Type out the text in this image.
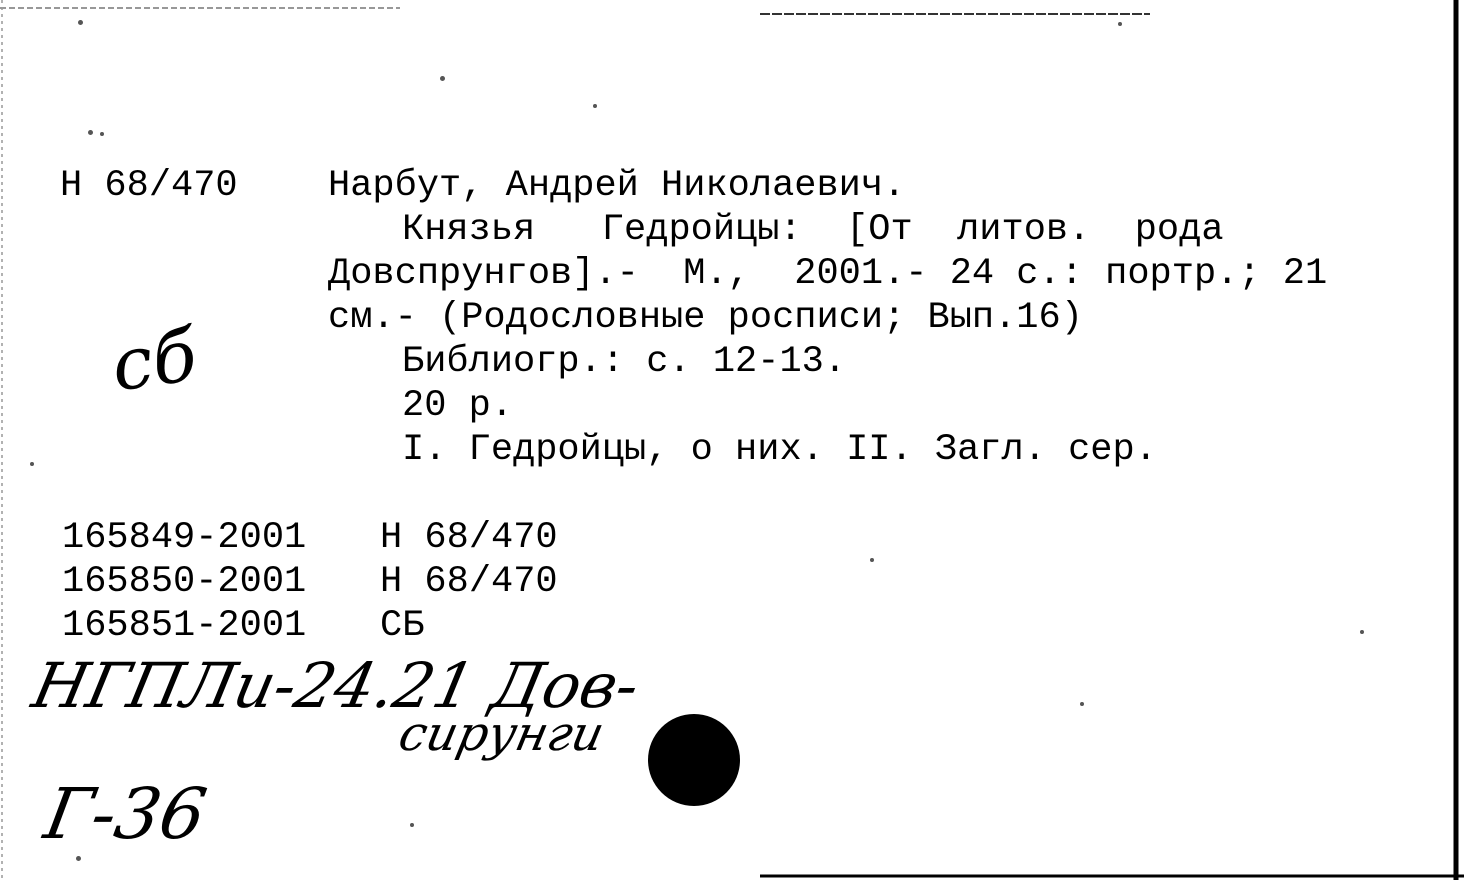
Н 68/470 Нарбут, Андрей Николаевич.
Князья   Гедройцы:  [От  литов.  рода
Довспрунгов].-  М.,  2001.- 24 с.: портр.; 21
см.- (Родословные росписи; Вып.16)
Библиогр.: с. 12-13.
20 р.
I. Гедройцы, о них. II. Загл. сер.
165849-2001 Н 68/470
165850-2001 Н 68/470
165851-2001 СБ
сб
НГПЛи-24.21 Дов-
сирунги
Г-36
